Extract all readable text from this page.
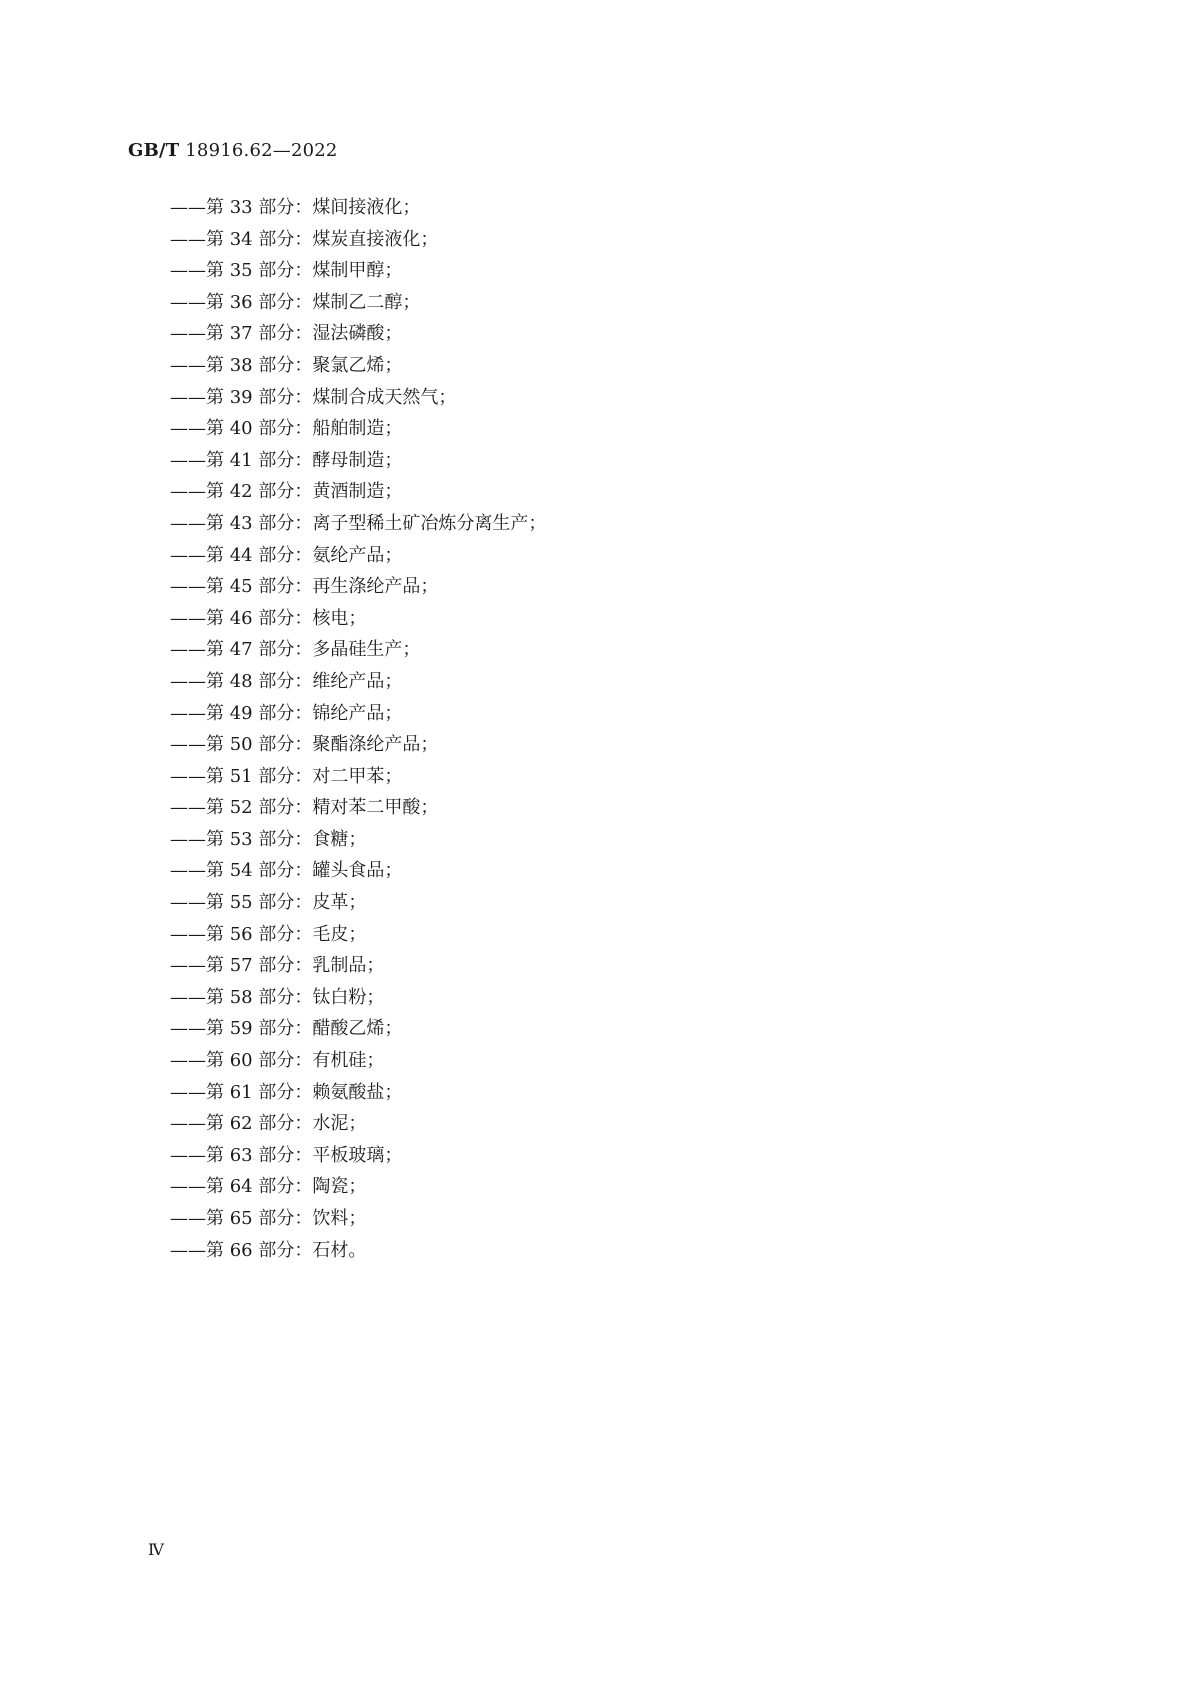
GB/T 18916.62—2022
——第 33 部分：煤间接液化；
——第 34 部分：煤炭直接液化；
——第 35 部分：煤制甲醇；
——第 36 部分：煤制乙二醇；
——第 37 部分：湿法磷酸；
——第 38 部分：聚氯乙烯；
——第 39 部分：煤制合成天然气；
——第 40 部分：船舶制造；
——第 41 部分：酵母制造；
——第 42 部分：黄酒制造；
——第 43 部分：离子型稀土矿冶炼分离生产；
——第 44 部分：氨纶产品；
——第 45 部分：再生涤纶产品；
——第 46 部分：核电；
——第 47 部分：多晶硅生产；
——第 48 部分：维纶产品；
——第 49 部分：锦纶产品；
——第 50 部分：聚酯涤纶产品；
——第 51 部分：对二甲苯；
——第 52 部分：精对苯二甲酸；
——第 53 部分：食糖；
——第 54 部分：罐头食品；
——第 55 部分：皮革；
——第 56 部分：毛皮；
——第 57 部分：乳制品；
——第 58 部分：钛白粉；
——第 59 部分：醋酸乙烯；
——第 60 部分：有机硅；
——第 61 部分：赖氨酸盐；
——第 62 部分：水泥；
——第 63 部分：平板玻璃；
——第 64 部分：陶瓷；
——第 65 部分：饮料；
——第 66 部分：石材。
Ⅳ
